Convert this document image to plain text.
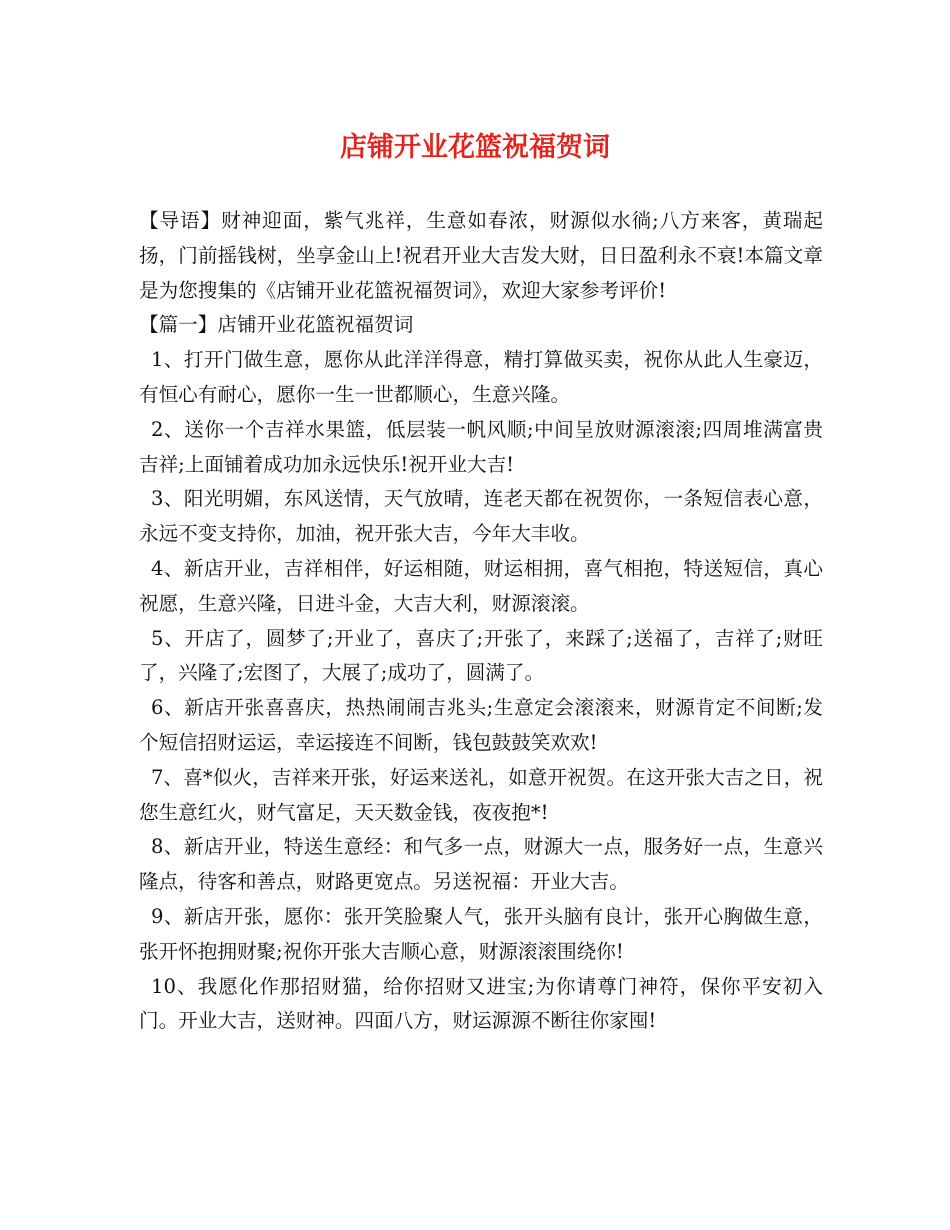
店铺开业花篮祝福贺词

【导语】财神迎面，紫气兆祥，生意如春浓，财源似水徜;八方来客，黄瑞起扬，门前摇钱树，坐享金山上!祝君开业大吉发大财，日日盈利永不衰!本篇文章是为您搜集的《店铺开业花篮祝福贺词》，欢迎大家参考评价!

【篇一】店铺开业花篮祝福贺词

1、打开门做生意，愿你从此洋洋得意，精打算做买卖，祝你从此人生豪迈，有恒心有耐心，愿你一生一世都顺心，生意兴隆。

2、送你一个吉祥水果篮，低层装一帆风顺;中间呈放财源滚滚;四周堆满富贵吉祥;上面铺着成功加永远快乐!祝开业大吉!

3、阳光明媚，东风送情，天气放晴，连老天都在祝贺你，一条短信表心意，永远不变支持你，加油，祝开张大吉，今年大丰收。

4、新店开业，吉祥相伴，好运相随，财运相拥，喜气相抱，特送短信，真心祝愿，生意兴隆，日进斗金，大吉大利，财源滚滚。

5、开店了，圆梦了;开业了，喜庆了;开张了，来踩了;送福了，吉祥了;财旺了，兴隆了;宏图了，大展了;成功了，圆满了。

6、新店开张喜喜庆，热热闹闹吉兆头;生意定会滚滚来，财源肯定不间断;发个短信招财运运，幸运接连不间断，钱包鼓鼓笑欢欢!

7、喜*似火，吉祥来开张，好运来送礼，如意开祝贺。在这开张大吉之日，祝您生意红火，财气富足，天天数金钱，夜夜抱*!

8、新店开业，特送生意经：和气多一点，财源大一点，服务好一点，生意兴隆点，待客和善点，财路更宽点。另送祝福：开业大吉。

9、新店开张，愿你：张开笑脸聚人气，张开头脑有良计，张开心胸做生意，张开怀抱拥财聚;祝你开张大吉顺心意，财源滚滚围绕你!

10、我愿化作那招财猫，给你招财又进宝;为你请尊门神符，保你平安初入门。开业大吉，送财神。四面八方，财运源源不断往你家囤!
